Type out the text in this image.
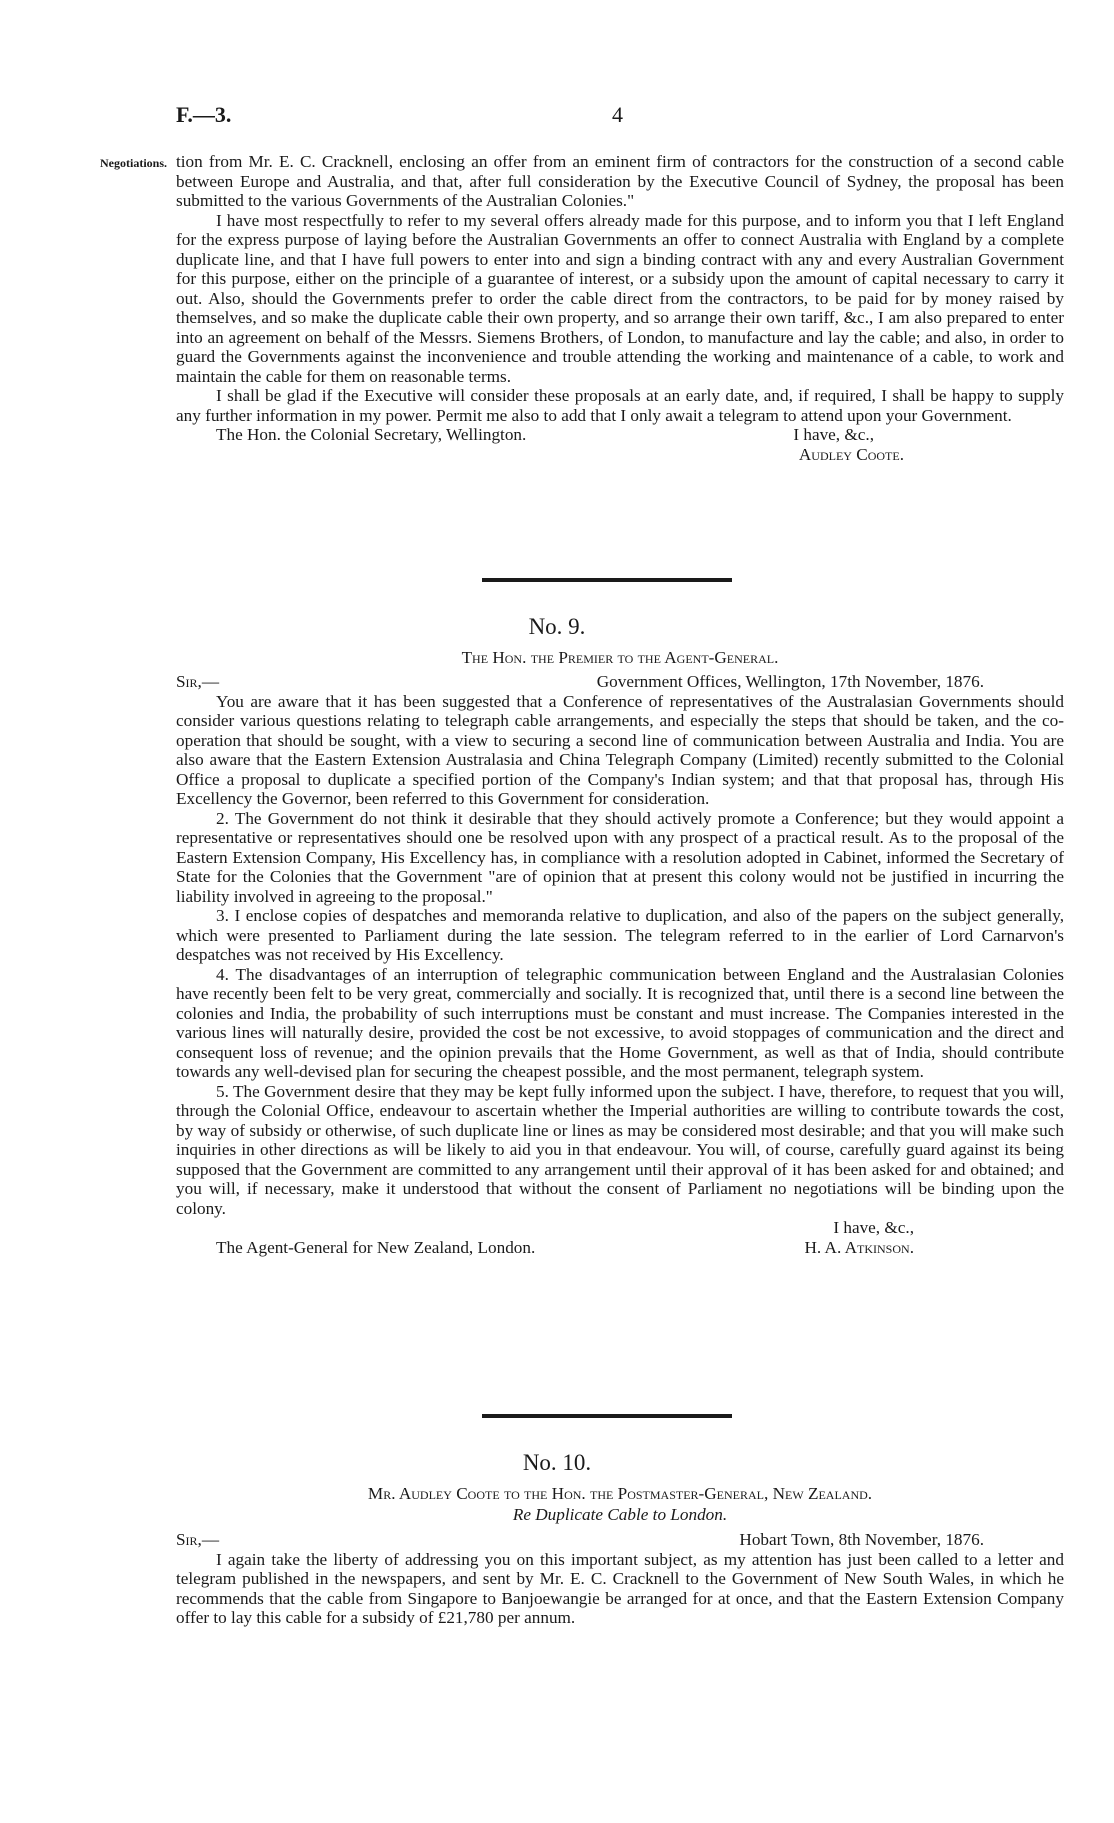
F.—3.	4
Negotiations. tion from Mr. E. C. Cracknell, enclosing an offer from an eminent firm of contractors for the construction of a second cable between Europe and Australia, and that, after full consideration by the Executive Council of Sydney, the proposal has been submitted to the various Governments of the Australian Colonies."

I have most respectfully to refer to my several offers already made for this purpose, and to inform you that I left England for the express purpose of laying before the Australian Governments an offer to connect Australia with England by a complete duplicate line, and that I have full powers to enter into and sign a binding contract with any and every Australian Government for this purpose, either on the principle of a guarantee of interest, or a subsidy upon the amount of capital necessary to carry it out. Also, should the Governments prefer to order the cable direct from the contractors, to be paid for by money raised by themselves, and so make the duplicate cable their own property, and so arrange their own tariff, &c., I am also prepared to enter into an agreement on behalf of the Messrs. Siemens Brothers, of London, to manufacture and lay the cable; and also, in order to guard the Governments against the inconvenience and trouble attending the working and maintenance of a cable, to work and maintain the cable for them on reasonable terms.

I shall be glad if the Executive will consider these proposals at an early date, and, if required, I shall be happy to supply any further information in my power. Permit me also to add that I only await a telegram to attend upon your Government.

The Hon. the Colonial Secretary, Wellington.	I have, &c.,
Audley Coote.
No. 9.
The Hon. the Premier to the Agent-General.
Sir,—	Government Offices, Wellington, 17th November, 1876.

You are aware that it has been suggested that a Conference of representatives of the Australasian Governments should consider various questions relating to telegraph cable arrangements, and especially the steps that should be taken, and the co-operation that should be sought, with a view to securing a second line of communication between Australia and India. You are also aware that the Eastern Extension Australasia and China Telegraph Company (Limited) recently submitted to the Colonial Office a proposal to duplicate a specified portion of the Company's Indian system; and that that proposal has, through His Excellency the Governor, been referred to this Government for consideration.

2. The Government do not think it desirable that they should actively promote a Conference; but they would appoint a representative or representatives should one be resolved upon with any prospect of a practical result. As to the proposal of the Eastern Extension Company, His Excellency has, in compliance with a resolution adopted in Cabinet, informed the Secretary of State for the Colonies that the Government "are of opinion that at present this colony would not be justified in incurring the liability involved in agreeing to the proposal."

3. I enclose copies of despatches and memoranda relative to duplication, and also of the papers on the subject generally, which were presented to Parliament during the late session. The telegram referred to in the earlier of Lord Carnarvon's despatches was not received by His Excellency.

4. The disadvantages of an interruption of telegraphic communication between England and the Australasian Colonies have recently been felt to be very great, commercially and socially. It is recognized that, until there is a second line between the colonies and India, the probability of such interruptions must be constant and must increase. The Companies interested in the various lines will naturally desire, provided the cost be not excessive, to avoid stoppages of communication and the direct and consequent loss of revenue; and the opinion prevails that the Home Government, as well as that of India, should contribute towards any well-devised plan for securing the cheapest possible, and the most permanent, telegraph system.

5. The Government desire that they may be kept fully informed upon the subject. I have, therefore, to request that you will, through the Colonial Office, endeavour to ascertain whether the Imperial authorities are willing to contribute towards the cost, by way of subsidy or otherwise, of such duplicate line or lines as may be considered most desirable; and that you will make such inquiries in other directions as will be likely to aid you in that endeavour. You will, of course, carefully guard against its being supposed that the Government are committed to any arrangement until their approval of it has been asked for and obtained; and you will, if necessary, make it understood that without the consent of Parliament no negotiations will be binding upon the colony.

I have, &c.,
The Agent-General for New Zealand, London.	H. A. Atkinson.
No. 10.
Mr. Audley Coote to the Hon. the Postmaster-General, New Zealand.
Re Duplicate Cable to London.
Sir,—	Hobart Town, 8th November, 1876.

I again take the liberty of addressing you on this important subject, as my attention has just been called to a letter and telegram published in the newspapers, and sent by Mr. E. C. Cracknell to the Government of New South Wales, in which he recommends that the cable from Singapore to Banjoewangie be arranged for at once, and that the Eastern Extension Company offer to lay this cable for a subsidy of £21,780 per annum.
